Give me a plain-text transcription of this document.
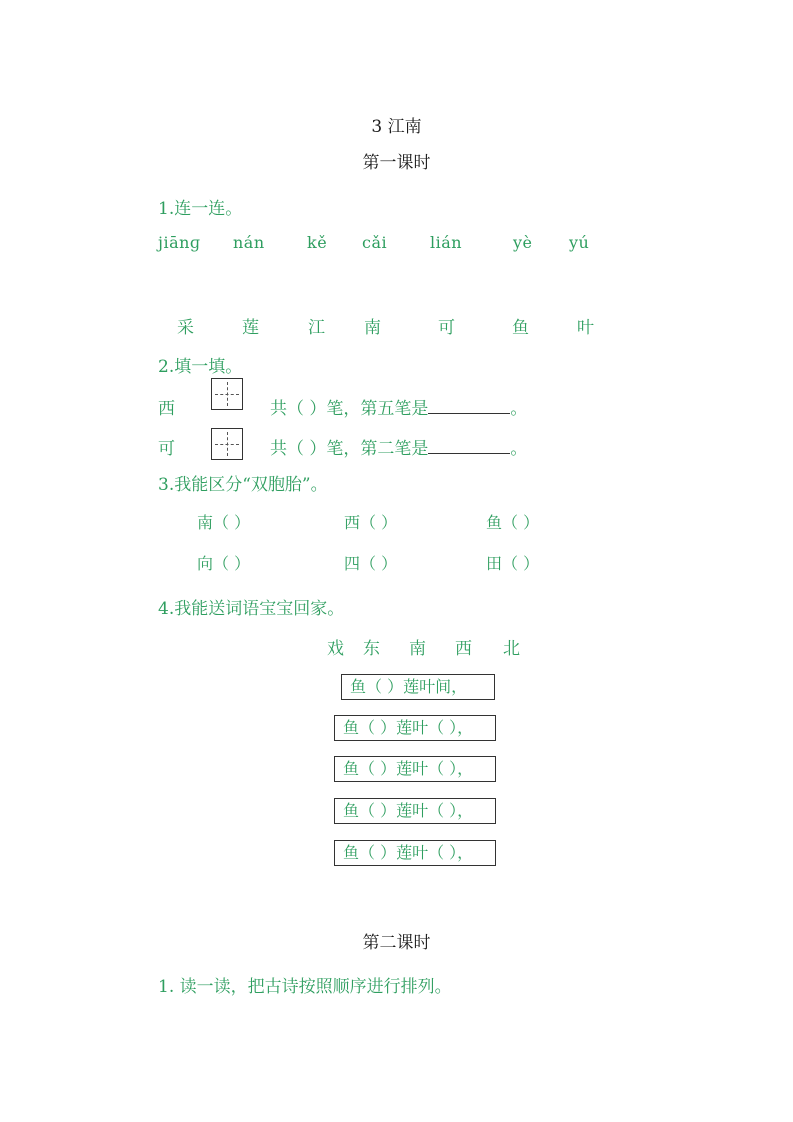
3 江南
第一课时
1.连一连。
jiānɡ nán	kě cǎi	lián	yè yú
采	莲	江 南	可	鱼	叶
2.填一填。
西	共（ ）笔，第五笔是	。
可	共（ ）笔，第二笔是	。
3.我能区分“双胞胎”。
南（ ）	西（ ）	鱼（ ）
向（ ）	四（ ）	田（ ）
4.我能送词语宝宝回家。
戏 东 南 西 北
鱼（ ）莲叶间，
鱼（ ）莲叶（ ），
鱼（ ）莲叶（ ），
鱼（ ）莲叶（ ），
鱼（ ）莲叶（ ），
第二课时
1. 读一读，把古诗按照顺序进行排列。
